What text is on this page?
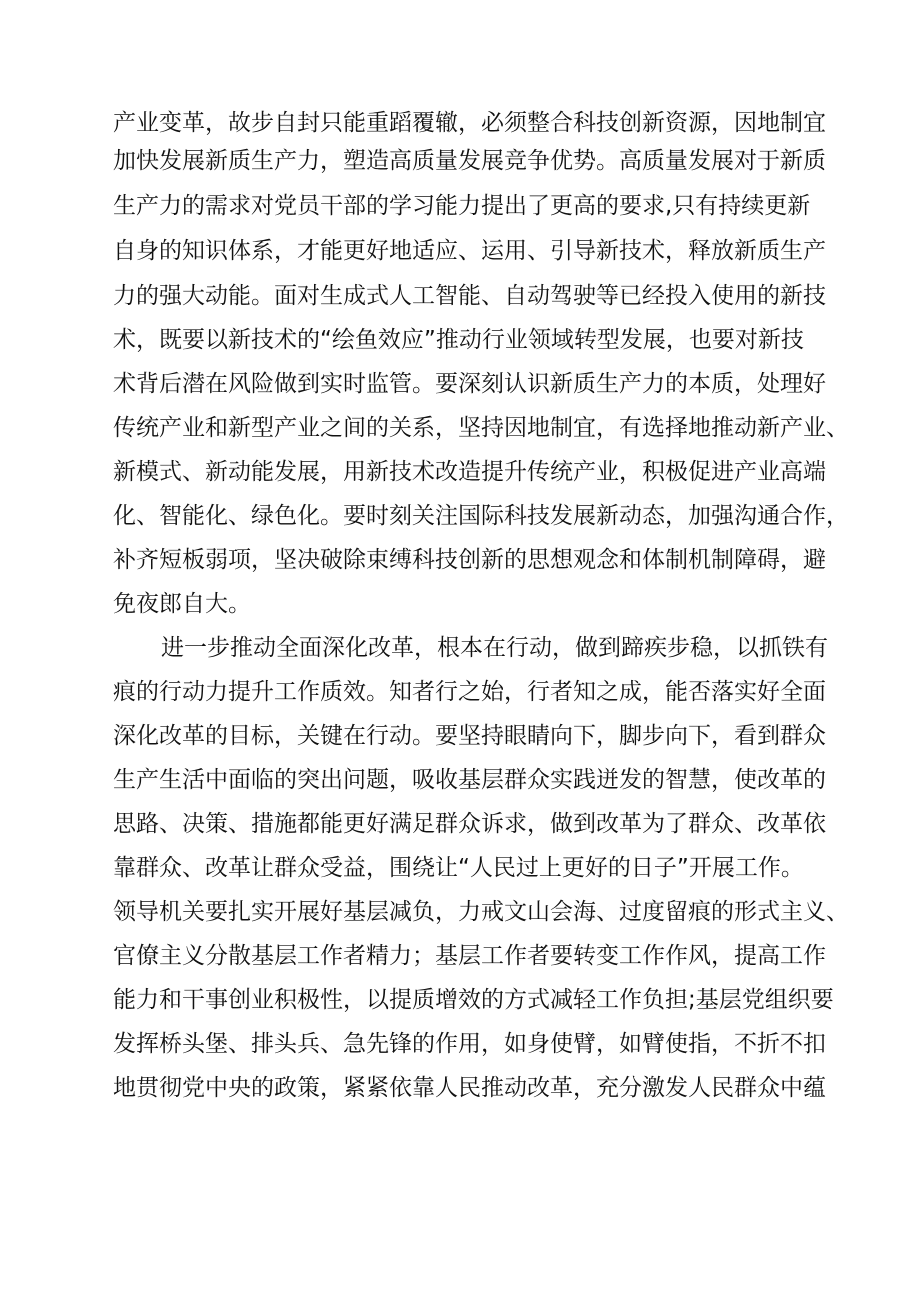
产业变革，故步自封只能重蹈覆辙，必须整合科技创新资源，因地制宜
加快发展新质生产力，塑造高质量发展竞争优势。高质量发展对于新质
生产力的需求对党员干部的学习能力提出了更高的要求,只有持续更新
自身的知识体系，才能更好地适应、运用、引导新技术，释放新质生产
力的强大动能。面对生成式人工智能、自动驾驶等已经投入使用的新技
术，既要以新技术的“绘鱼效应”推动行业领域转型发展，也要对新技
术背后潜在风险做到实时监管。要深刻认识新质生产力的本质，处理好
传统产业和新型产业之间的关系，坚持因地制宜，有选择地推动新产业、
新模式、新动能发展，用新技术改造提升传统产业，积极促进产业高端
化、智能化、绿色化。要时刻关注国际科技发展新动态，加强沟通合作，
补齐短板弱项，坚决破除束缚科技创新的思想观念和体制机制障碍，避
免夜郎自大。
进一步推动全面深化改革，根本在行动，做到蹄疾步稳，以抓铁有
痕的行动力提升工作质效。知者行之始，行者知之成，能否落实好全面
深化改革的目标，关键在行动。要坚持眼睛向下，脚步向下，看到群众
生产生活中面临的突出问题，吸收基层群众实践迸发的智慧，使改革的
思路、决策、措施都能更好满足群众诉求，做到改革为了群众、改革依
靠群众、改革让群众受益，围绕让“人民过上更好的日子”开展工作。
领导机关要扎实开展好基层减负，力戒文山会海、过度留痕的形式主义、
官僚主义分散基层工作者精力；基层工作者要转变工作作风，提高工作
能力和干事创业积极性，以提质增效的方式减轻工作负担;基层党组织要
发挥桥头堡、排头兵、急先锋的作用，如身使臂，如臂使指，不折不扣
地贯彻党中央的政策，紧紧依靠人民推动改革，充分激发人民群众中蕴
